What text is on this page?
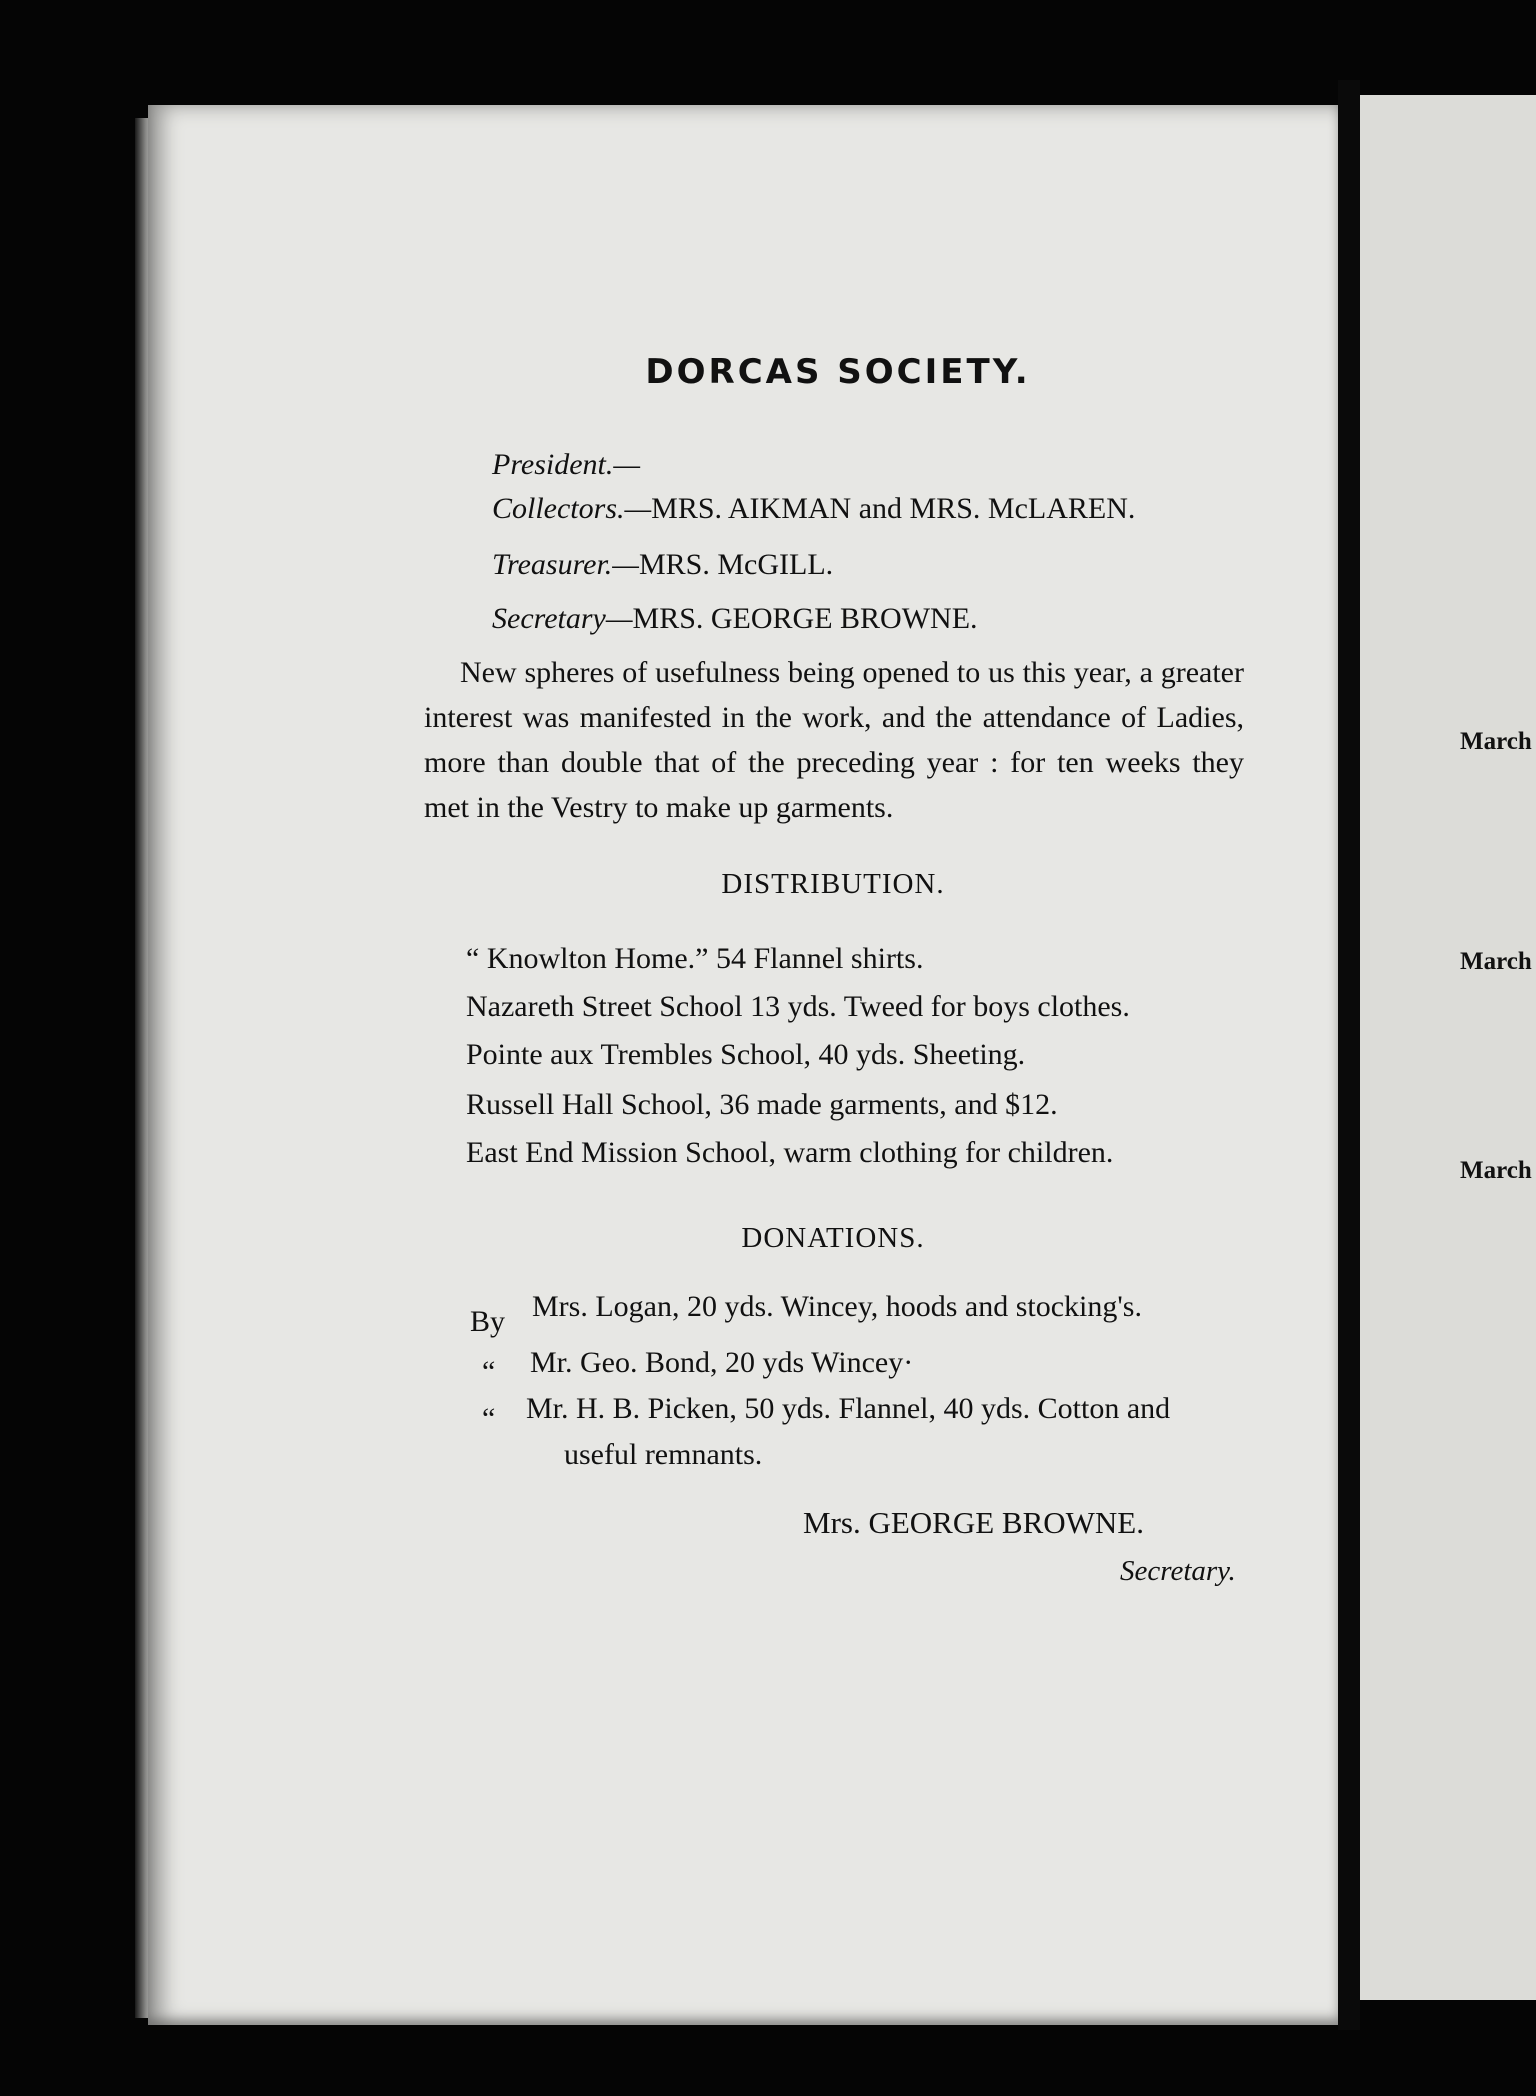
March
March
March
DORCAS SOCIETY.
President.—
Collectors.—MRS. AIKMAN and MRS. McLAREN.
Treasurer.—MRS. McGILL.
Secretary—MRS. GEORGE BROWNE.

New spheres of usefulness being opened to us this year, a greater interest was manifested in the work, and the attendance of Ladies, more than double that of the preceding year : for ten weeks they met in the Vestry to make up garments.

DISTRIBUTION.
“ Knowlton Home.” 54 Flannel shirts.
Nazareth Street School 13 yds. Tweed for boys clothes.
Pointe aux Trembles School, 40 yds. Sheeting.
Russell Hall School, 36 made garments, and $12.
East End Mission School, warm clothing for children.
DONATIONS.
By Mrs. Logan, 20 yds. Wincey, hoods and stocking's.
“ Mr. Geo. Bond, 20 yds Wincey·
“ Mr. H. B. Picken, 50 yds. Flannel, 40 yds. Cotton and
useful remnants.
Mrs. GEORGE BROWNE.
Secretary.
